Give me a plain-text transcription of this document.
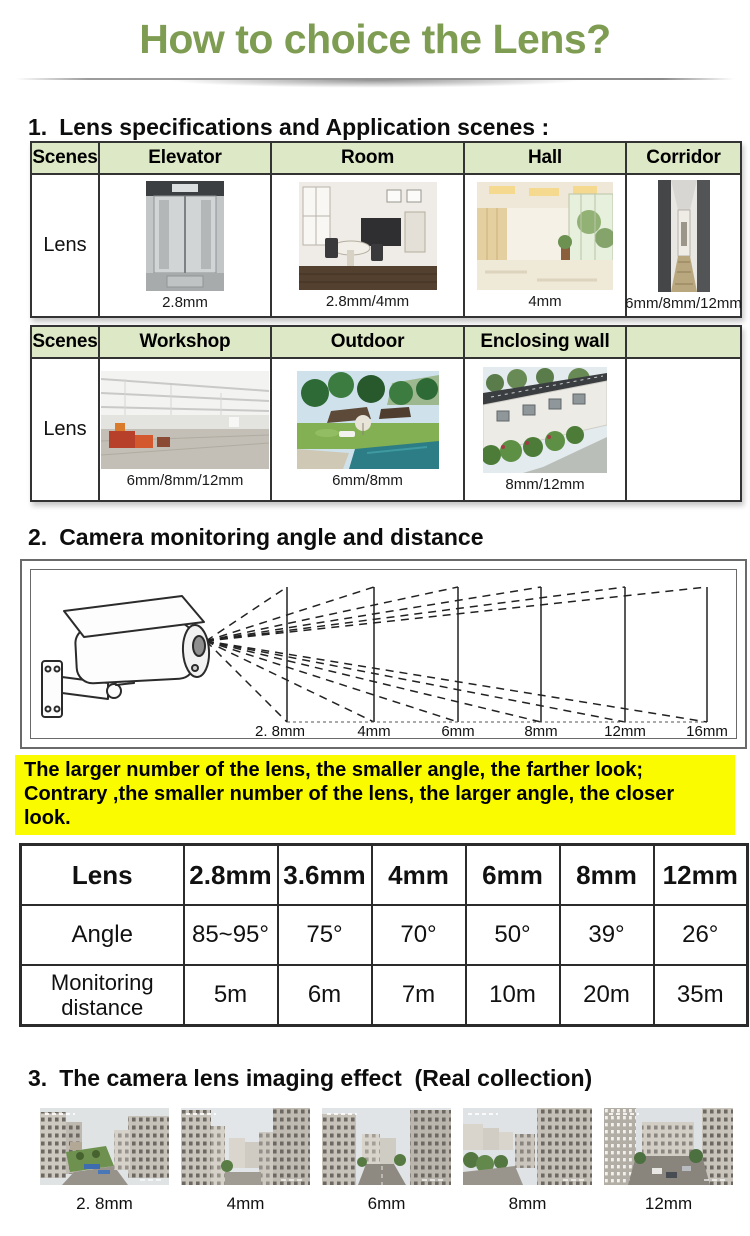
How to choice the Lens?
1. Lens specifications and Application scenes :
Scenes	Elevator	Room	Hall	Corridor
Lens	2.8mm	2.8mm/4mm	4mm	6mm/8mm/12mm
Scenes	Workshop	Outdoor	Enclosing wall	
Lens	6mm/8mm/12mm	6mm/8mm	8mm/12mm	

2. Camera monitoring angle and distance
2. 8mm	4mm	6mm	8mm	12mm	16mm
The larger number of the lens, the smaller angle, the farther look;
Contrary ,the smaller number of the lens, the larger angle, the closer
look.
Lens	2.8mm	3.6mm	4mm	6mm	8mm	12mm
Angle	85~95°	75°	70°	50°	39°	26°
Monitoring distance	5m	6m	7m	10m	20m	35m
3. The camera lens imaging effect  (Real collection)
2. 8mm	4mm	6mm	8mm	12mm
